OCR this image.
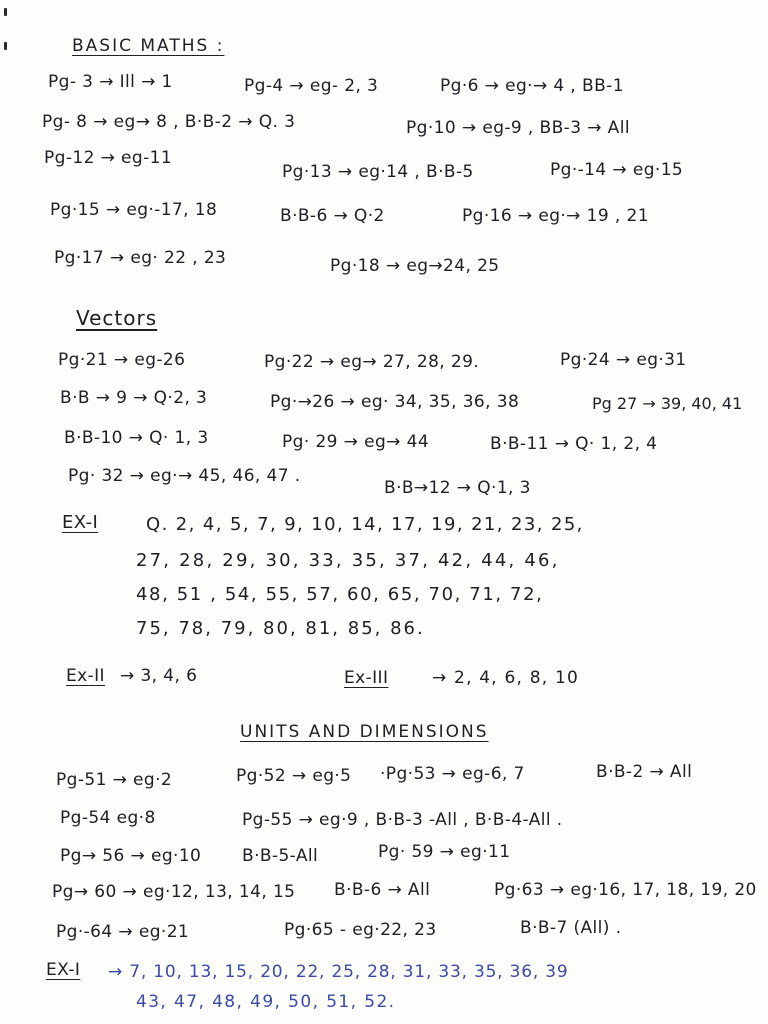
BASIC MATHS :
Pg- 3 → Ill → 1	Pg-4 → eg- 2, 3	Pg·6 → eg·→ 4 , BB-1
Pg- 8 → eg→ 8 , B·B-2 → Q. 3	Pg·10 → eg-9 , BB-3 → All
Pg-12 → eg-11
Pg·13 → eg·14 , B·B-5	Pg·-14 → eg·15
Pg·15 → eg·-17, 18	B·B-6 → Q·2	Pg·16 → eg·→ 19 , 21
Pg·17 → eg· 22 , 23	Pg·18 → eg→24, 25
Vectors
Pg·21 → eg-26	Pg·22 → eg→ 27, 28, 29.	Pg·24 → eg·31
B·B → 9 → Q·2, 3	Pg·→26 → eg· 34, 35, 36, 38	Pg 27 → 39, 40, 41
B·B-10 → Q· 1, 3	Pg· 29 → eg→ 44	B·B-11 → Q· 1, 2, 4
Pg· 32 → eg·→ 45, 46, 47 .
B·B→12 → Q·1, 3
EX-I	Q. 2, 4, 5, 7, 9, 10, 14, 17, 19, 21, 23, 25,
27, 28, 29, 30, 33, 35, 37, 42, 44, 46,
48, 51 , 54, 55, 57, 60, 65, 70, 71, 72,
75, 78, 79, 80, 81, 85, 86.
Ex-II → 3, 4, 6	Ex-III	→ 2, 4, 6, 8, 10
UNITS AND DIMENSIONS
Pg-51 → eg·2	Pg·52 → eg·5 ·Pg·53 → eg-6, 7	B·B-2 → All
Pg-54 eg·8	Pg-55 → eg·9 , B·B-3 -All , B·B-4-All .
Pg→ 56 → eg·10 B·B-5-All	Pg· 59 → eg·11
Pg→ 60 → eg·12, 13, 14, 15 B·B-6 → All	Pg·63 → eg·16, 17, 18, 19, 20
Pg·-64 → eg·21	Pg·65 - eg·22, 23	B·B-7 (All) .
EX-I → 7, 10, 13, 15, 20, 22, 25, 28, 31, 33, 35, 36, 39
43, 47, 48, 49, 50, 51, 52.
